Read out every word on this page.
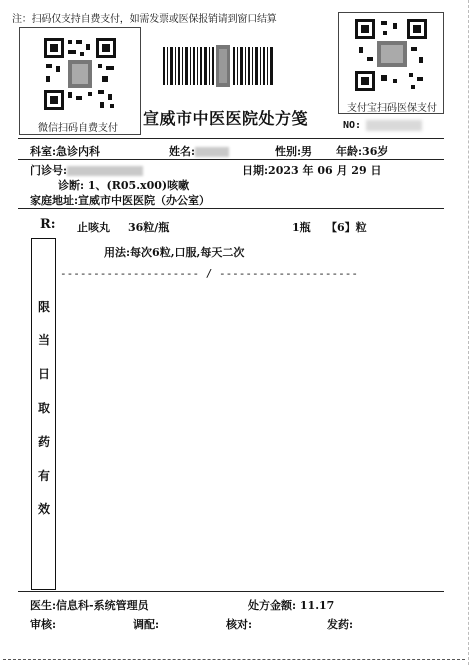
注：扫码仅支持自费支付，如需发票或医保报销请到窗口结算
微信扫码自费支付
支付宝扫码医保支付
宣威市中医医院处方笺	NO:
科室:急诊内科	姓名:	性别:男 年龄:36岁
门诊号:	日期:2023 年 06 月 29 日
诊断: 1、(R05.x00)咳嗽
家庭地址:宣威市中医医院（办公室）
R: 止咳丸 36粒/瓶	1瓶 【6】粒
用法:每次6粒,口服,每天二次
--------------------- / ---------------------
限
当
日
取
药
有
效
医生:信息科-系统管理员	处方金额: 11.17
审核:	调配:	核对:	发药:
